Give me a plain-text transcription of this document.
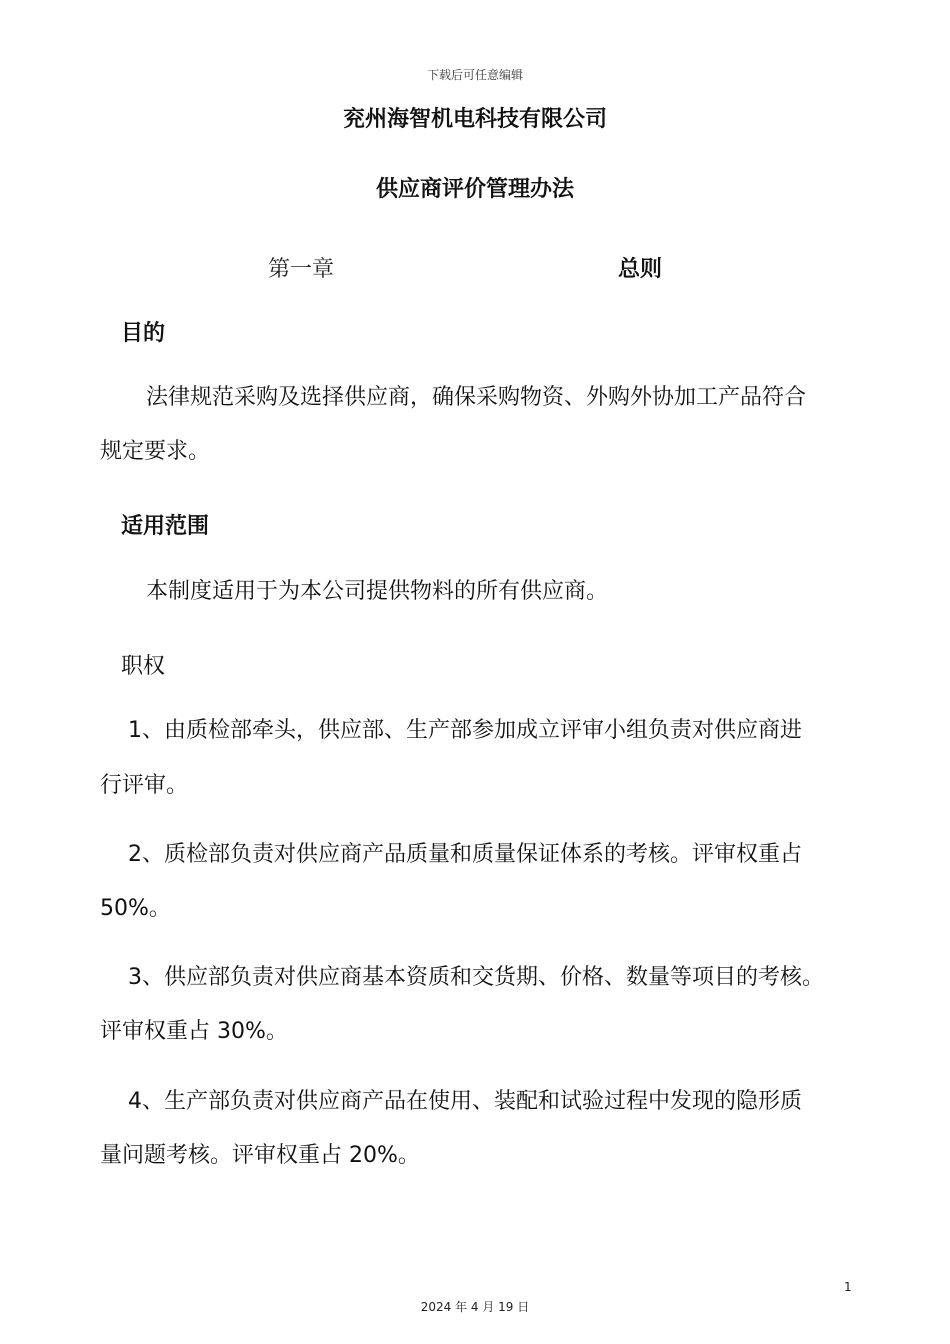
下载后可任意编辑
兖州海智机电科技有限公司
供应商评价管理办法
第一章	总则
目的
法律规范采购及选择供应商，确保采购物资、外购外协加工产品符合
规定要求。
适用范围
本制度适用于为本公司提供物料的所有供应商。
职权
1、由质检部牵头，供应部、生产部参加成立评审小组负责对供应商进
行评审。
2、质检部负责对供应商产品质量和质量保证体系的考核。评审权重占
50%。
3、供应部负责对供应商基本资质和交货期、价格、数量等项目的考核。
评审权重占 30%。
4、生产部负责对供应商产品在使用、装配和试验过程中发现的隐形质
量问题考核。评审权重占 20%。
1
2024 年 4 月 19 日
